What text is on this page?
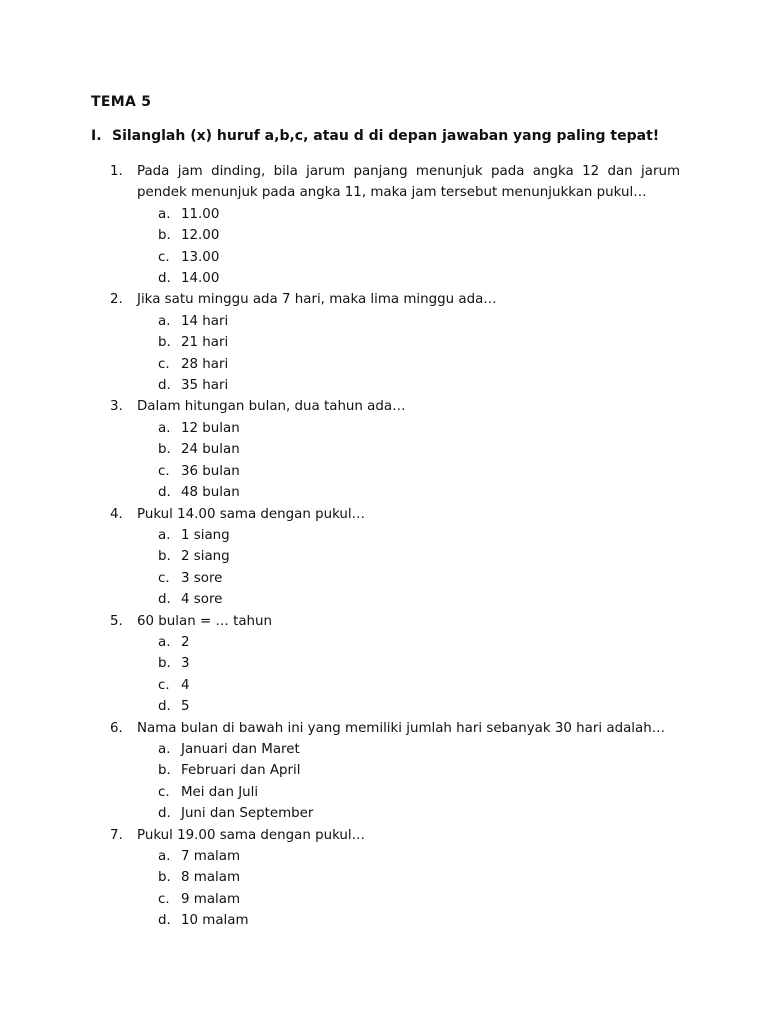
TEMA 5
I. Silanglah (x) huruf a,b,c, atau d di depan jawaban yang paling tepat!
1.	Pada jam dinding, bila jarum panjang menunjuk pada angka 12 dan jarum pendek menunjuk pada angka 11, maka jam tersebut menunjukkan pukul…
a. 11.00
b. 12.00
c. 13.00
d. 14.00
2.	Jika satu minggu ada 7 hari, maka lima minggu ada…
a. 14 hari
b. 21 hari
c. 28 hari
d. 35 hari
3.	Dalam hitungan bulan, dua tahun ada…
a. 12 bulan
b. 24 bulan
c. 36 bulan
d. 48 bulan
4.	Pukul 14.00 sama dengan pukul…
a. 1 siang
b. 2 siang
c. 3 sore
d. 4 sore
5.	60 bulan = … tahun
a. 2
b. 3
c. 4
d. 5
6.	Nama bulan di bawah ini yang memiliki jumlah hari sebanyak 30 hari adalah…
a. Januari dan Maret
b. Februari dan April
c. Mei dan Juli
d. Juni dan September
7.	Pukul 19.00 sama dengan pukul…
a. 7 malam
b. 8 malam
c. 9 malam
d. 10 malam
